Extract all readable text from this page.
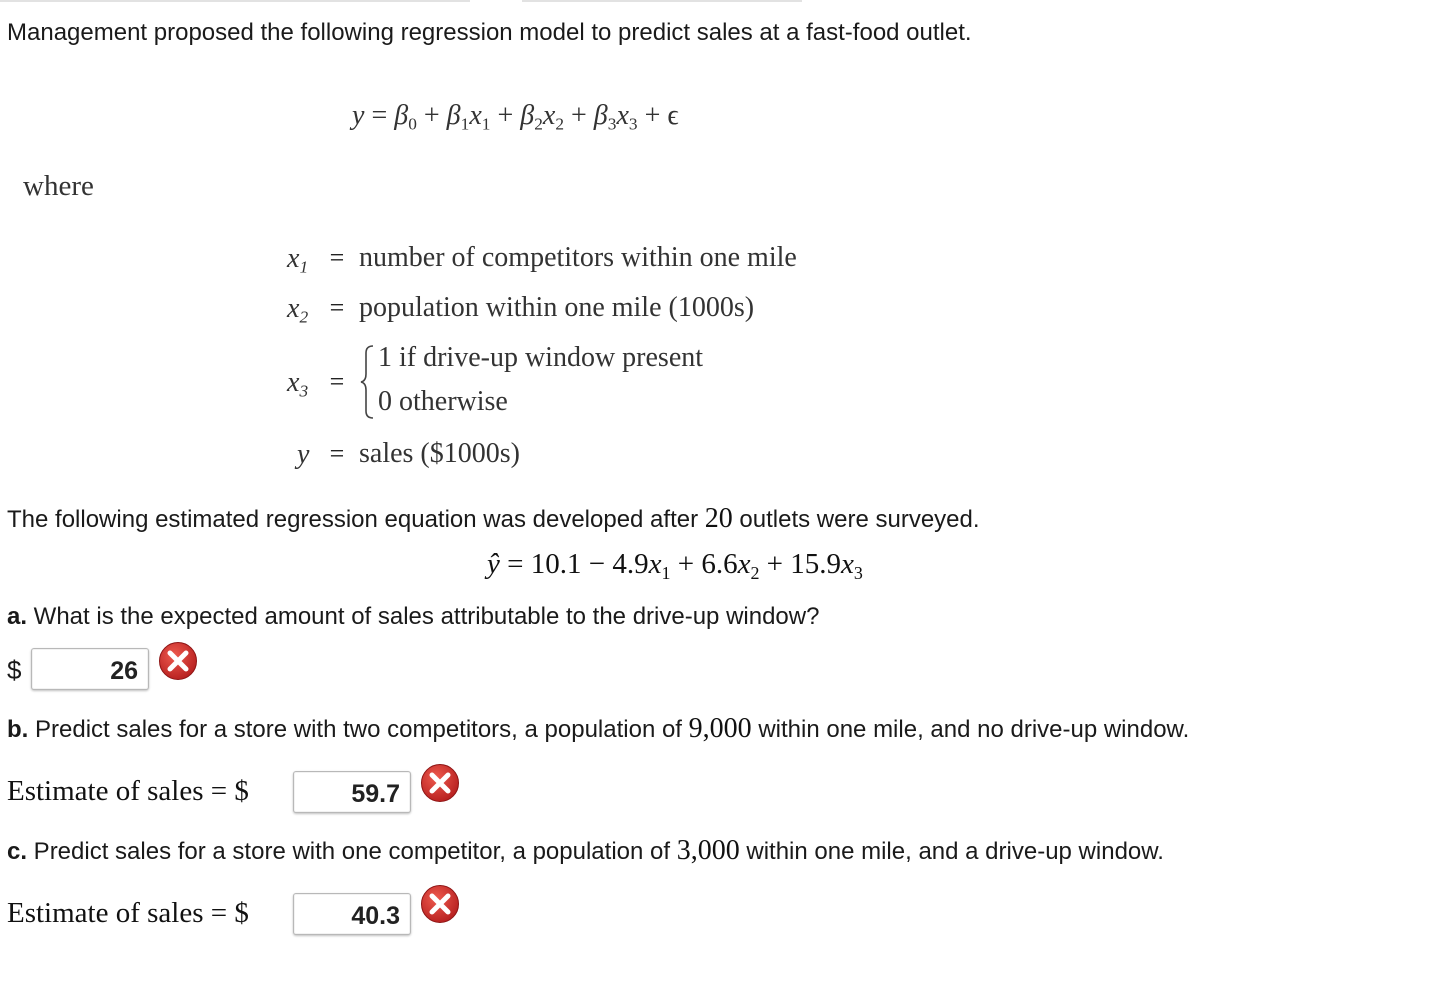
Management proposed the following regression model to predict sales at a fast-food outlet.
$y = \beta_0 + \beta_1x_1 + \beta_2x_2 + \beta_3x_3 + \epsilon$
where
$x_1$ = number of competitors within one mile
$x_2$ = population within one mile (1000s)
$x_3$ =
1 if drive-up window present
0 otherwise
y = sales ($1000s)
The following estimated regression equation was developed after 20 outlets were surveyed.
ŷ = $10.1 - 4.9x_1 + 6.6x_2 + 15.9x_3$
a. What is the expected amount of sales attributable to the drive-up window?
$	26
b. Predict sales for a store with two competitors, a population of 9,000 within one mile, and no drive-up window.
Estimate of sales = $	59.7
c. Predict sales for a store with one competitor, a population of 3,000 within one mile, and a drive-up window.
Estimate of sales = $	40.3
